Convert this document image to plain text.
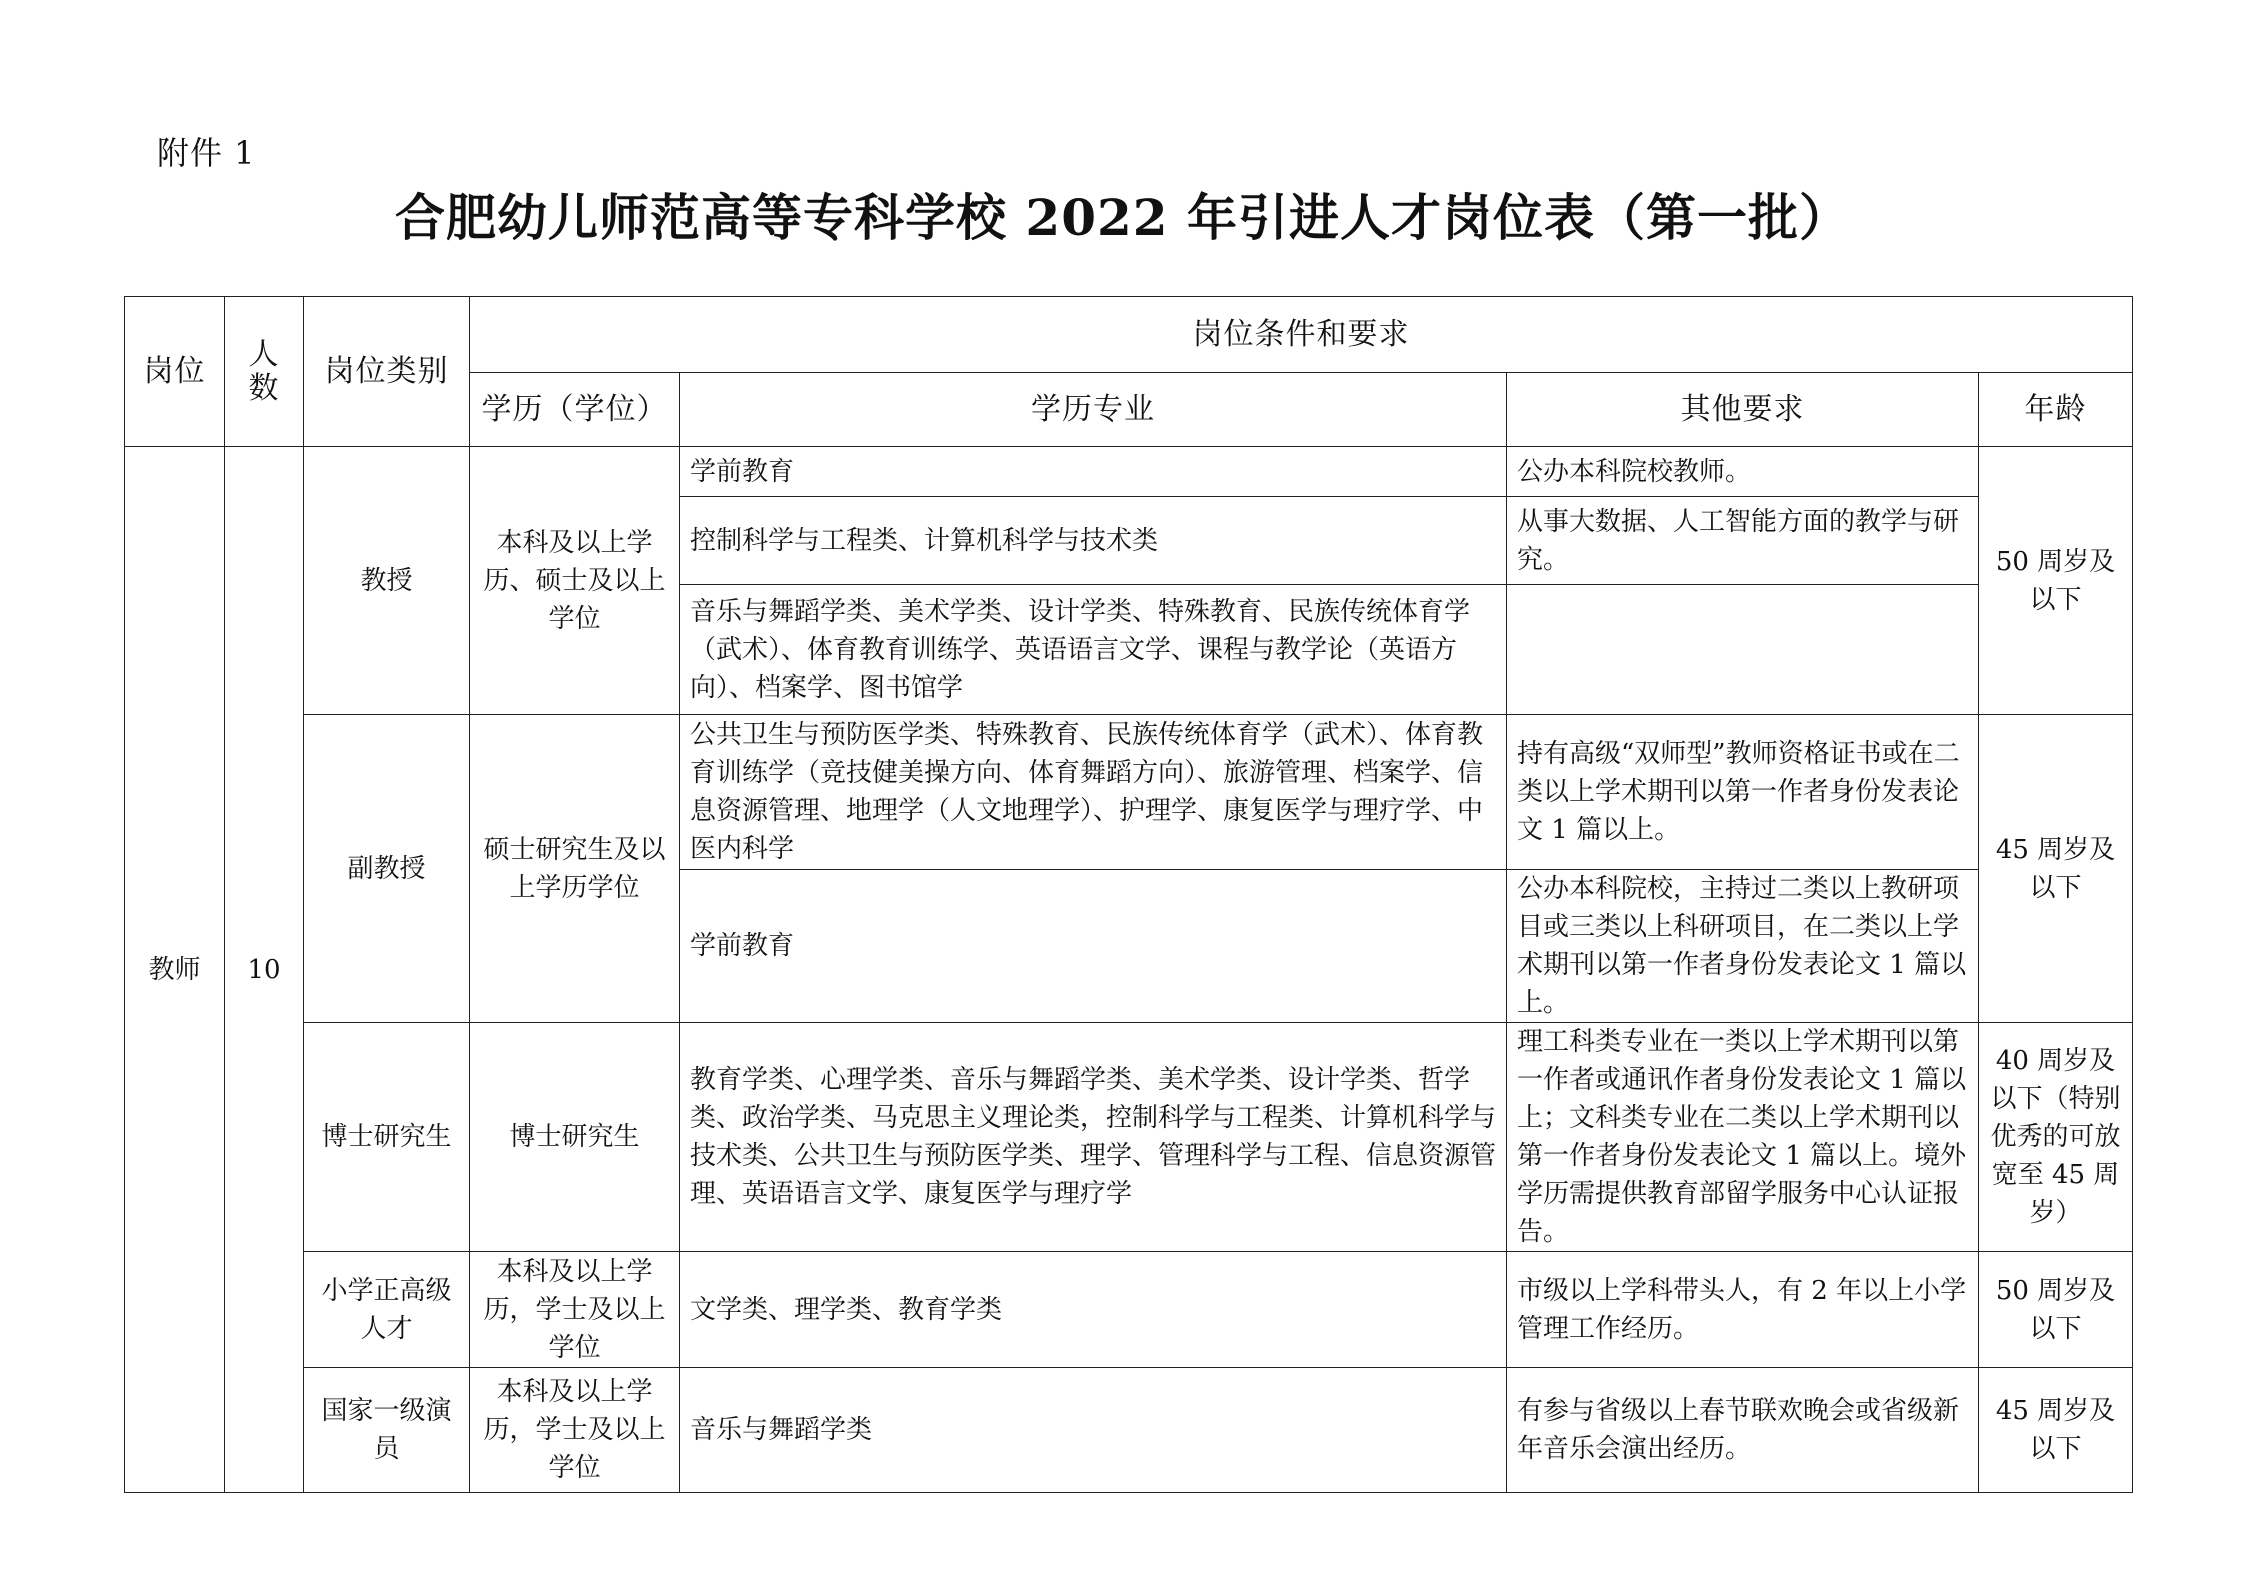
附件 1
合肥幼儿师范高等专科学校 2022 年引进人才岗位表（第一批）
岗位	人数	岗位类别	岗位条件和要求			
			学历（学位）	学历专业	其他要求	年龄
教师	10	教授	本科及以上学历、硕士及以上学位	学前教育	公办本科院校教师。	50 周岁及以下
				控制科学与工程类、计算机科学与技术类	从事大数据、人工智能方面的教学与研究。	
				音乐与舞蹈学类、美术学类、设计学类、特殊教育、民族传统体育学（武术）、体育教育训练学、英语语言文学、课程与教学论（英语方向）、档案学、图书馆学		
		副教授	硕士研究生及以上学历学位	公共卫生与预防医学类、特殊教育、民族传统体育学（武术）、体育教育训练学（竞技健美操方向、体育舞蹈方向）、旅游管理、档案学、信息资源管理、地理学（人文地理学）、护理学、康复医学与理疗学、中医内科学	持有高级“双师型”教师资格证书或在二类以上学术期刊以第一作者身份发表论文 1 篇以上。	45 周岁及以下
				学前教育	公办本科院校，主持过二类以上教研项目或三类以上科研项目，在二类以上学术期刊以第一作者身份发表论文 1 篇以上。	
		博士研究生	博士研究生	教育学类、心理学类、音乐与舞蹈学类、美术学类、设计学类、哲学类、政治学类、马克思主义理论类，控制科学与工程类、计算机科学与技术类、公共卫生与预防医学类、理学、管理科学与工程、信息资源管理、英语语言文学、康复医学与理疗学	理工科类专业在一类以上学术期刊以第一作者或通讯作者身份发表论文 1 篇以上；文科类专业在二类以上学术期刊以第一作者身份发表论文 1 篇以上。境外学历需提供教育部留学服务中心认证报告。	40 周岁及以下（特别优秀的可放宽至 45 周岁）
		小学正高级人才	本科及以上学历，学士及以上学位	文学类、理学类、教育学类	市级以上学科带头人，有 2 年以上小学管理工作经历。	50 周岁及以下
		国家一级演员	本科及以上学历，学士及以上学位	音乐与舞蹈学类	有参与省级以上春节联欢晚会或省级新年音乐会演出经历。	45 周岁及以下
